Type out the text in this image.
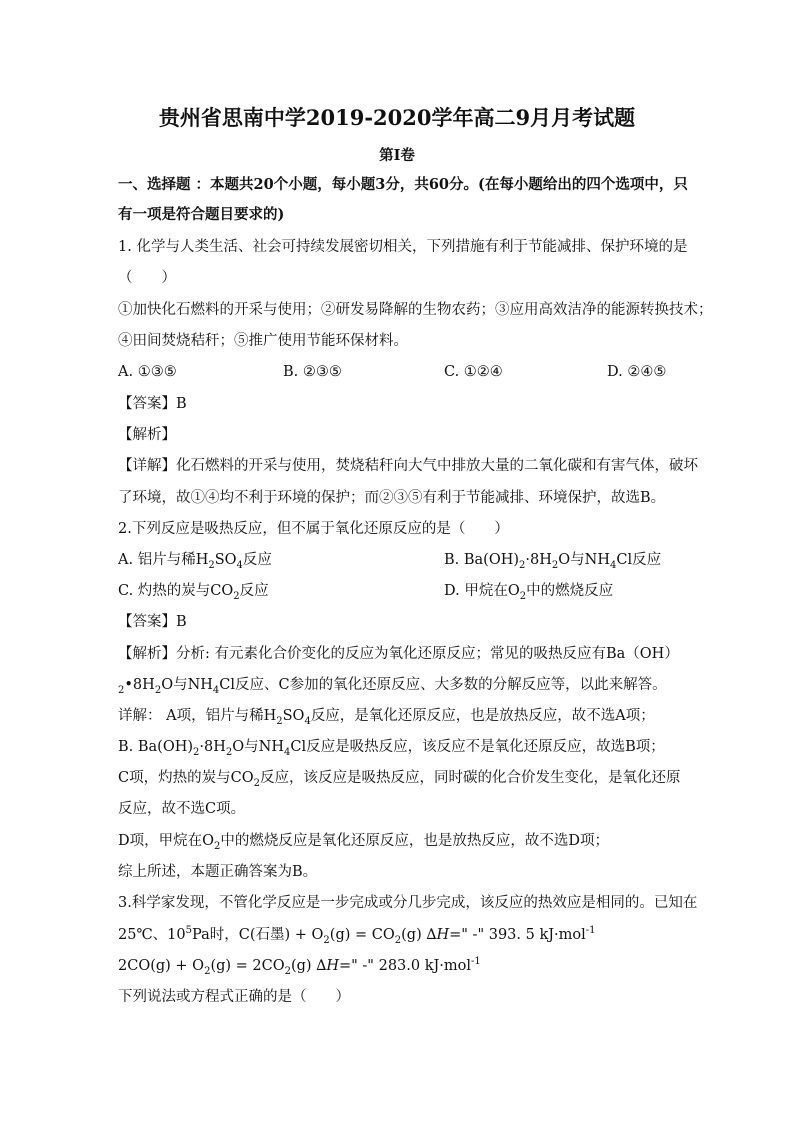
贵州省思南中学2019-2020学年高二9月月考试题
第I卷
一、选择题 ：本题共20个小题，每小题3分，共60分。(在每小题给出的四个选项中，只
有一项是符合题目要求的)
1. 化学与人类生活、社会可持续发展密切相关，下列措施有利于节能减排、保护环境的是
（　　）
①加快化石燃料的开采与使用；②研发易降解的生物农药；③应用高效洁净的能源转换技术；
④田间焚烧秸秆；⑤推广使用节能环保材料。
A. ①③⑤	B. ②③⑤	C. ①②④	D. ②④⑤
【答案】B
【解析】
【详解】化石燃料的开采与使用，焚烧秸秆向大气中排放大量的二氧化碳和有害气体，破坏
了环境，故①④均不利于环境的保护；而②③⑤有利于节能减排、环境保护，故选B。
2.下列反应是吸热反应，但不属于氧化还原反应的是（　　）
A. 铝片与稀$H_2SO_4$反应	B. $Ba(OH)_2\cdot 8H_2O$与$NH_4Cl$反应
C. 灼热的炭与$CO_2$反应	D. 甲烷在$O_2$中的燃烧反应
【答案】B
【解析】分析: 有元素化合价变化的反应为氧化还原反应；常见的吸热反应有Ba（OH）
$_2•8H_2O$与$NH_4Cl$反应、C参加的氧化还原反应、大多数的分解反应等，以此来解答。
详解： A项，铝片与稀$H_2SO_4$反应，是氧化还原反应，也是放热反应，故不选A项；
B. $Ba(OH)_2\cdot 8H_2O$与$NH_4Cl$反应是吸热反应，该反应不是氧化还原反应，故选B项；
C项，灼热的炭与$CO_2$反应，该反应是吸热反应，同时碳的化合价发生变化，是氧化还原
反应，故不选C项。
D项，甲烷在$O_2$中的燃烧反应是氧化还原反应，也是放热反应，故不选D项；
综上所述，本题正确答案为B。
3.科学家发现，不管化学反应是一步完成或分几步完成，该反应的热效应是相同的。已知在
25℃、$10^5Pa$时，C(石墨) + $O_2(g) = CO_2(g)$ ∆H=" -" 393. 5 kJ·mol$^{-1}$
$2CO(g) + O_2(g) = 2CO_2(g)$ ∆H=" -" 283.0 kJ·mol$^{-1}$
下列说法或方程式正确的是（　　）
